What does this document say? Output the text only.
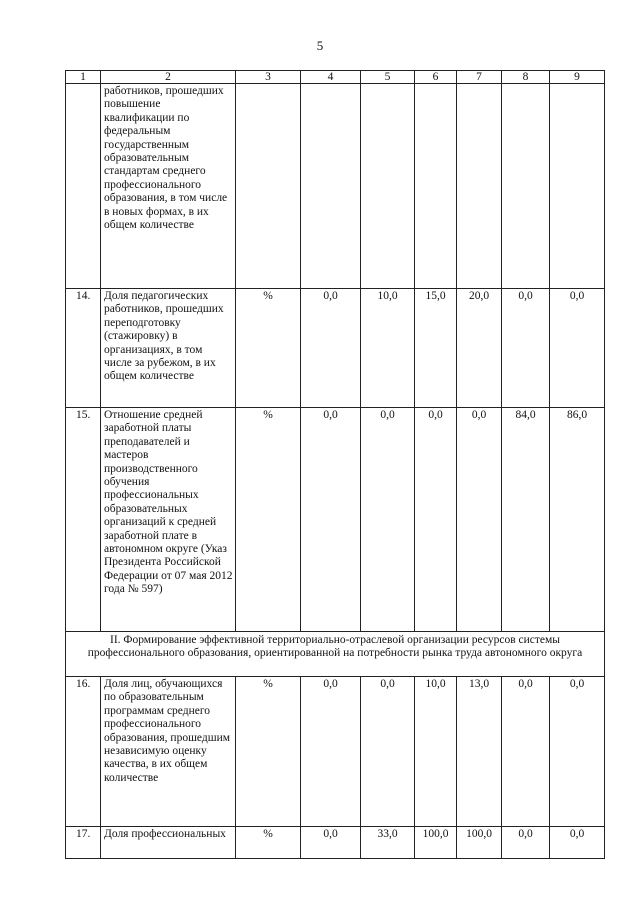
5
1	2	3	4	5	6	7	8	9
	работников, прошедших повышение квалификации по федеральным государственным образовательным стандартам среднего профессионального образования, в том числе в новых формах, в их общем количестве							
14.	Доля педагогических работников, прошедших переподготовку (стажировку) в организациях, в том числе за рубежом, в их общем количестве	%	0,0	10,0	15,0	20,0	0,0	0,0
15.	Отношение средней заработной платы преподавателей и мастеров производственного обучения профессиональных образовательных организаций к средней заработной плате в автономном округе (Указ Президента Российской Федерации от 07 мая 2012 года № 597)	%	0,0	0,0	0,0	0,0	84,0	86,0
II. Формирование эффективной территориально-отраслевой организации ресурсов системы профессионального образования, ориентированной на потребности рынка труда автономного округа								
16.	Доля лиц, обучающихся по образовательным программам среднего профессионального образования, прошедшим независимую оценку качества, в их общем количестве	%	0,0	0,0	10,0	13,0	0,0	0,0
17.	Доля профессиональных	%	0,0	33,0	100,0	100,0	0,0	0,0
